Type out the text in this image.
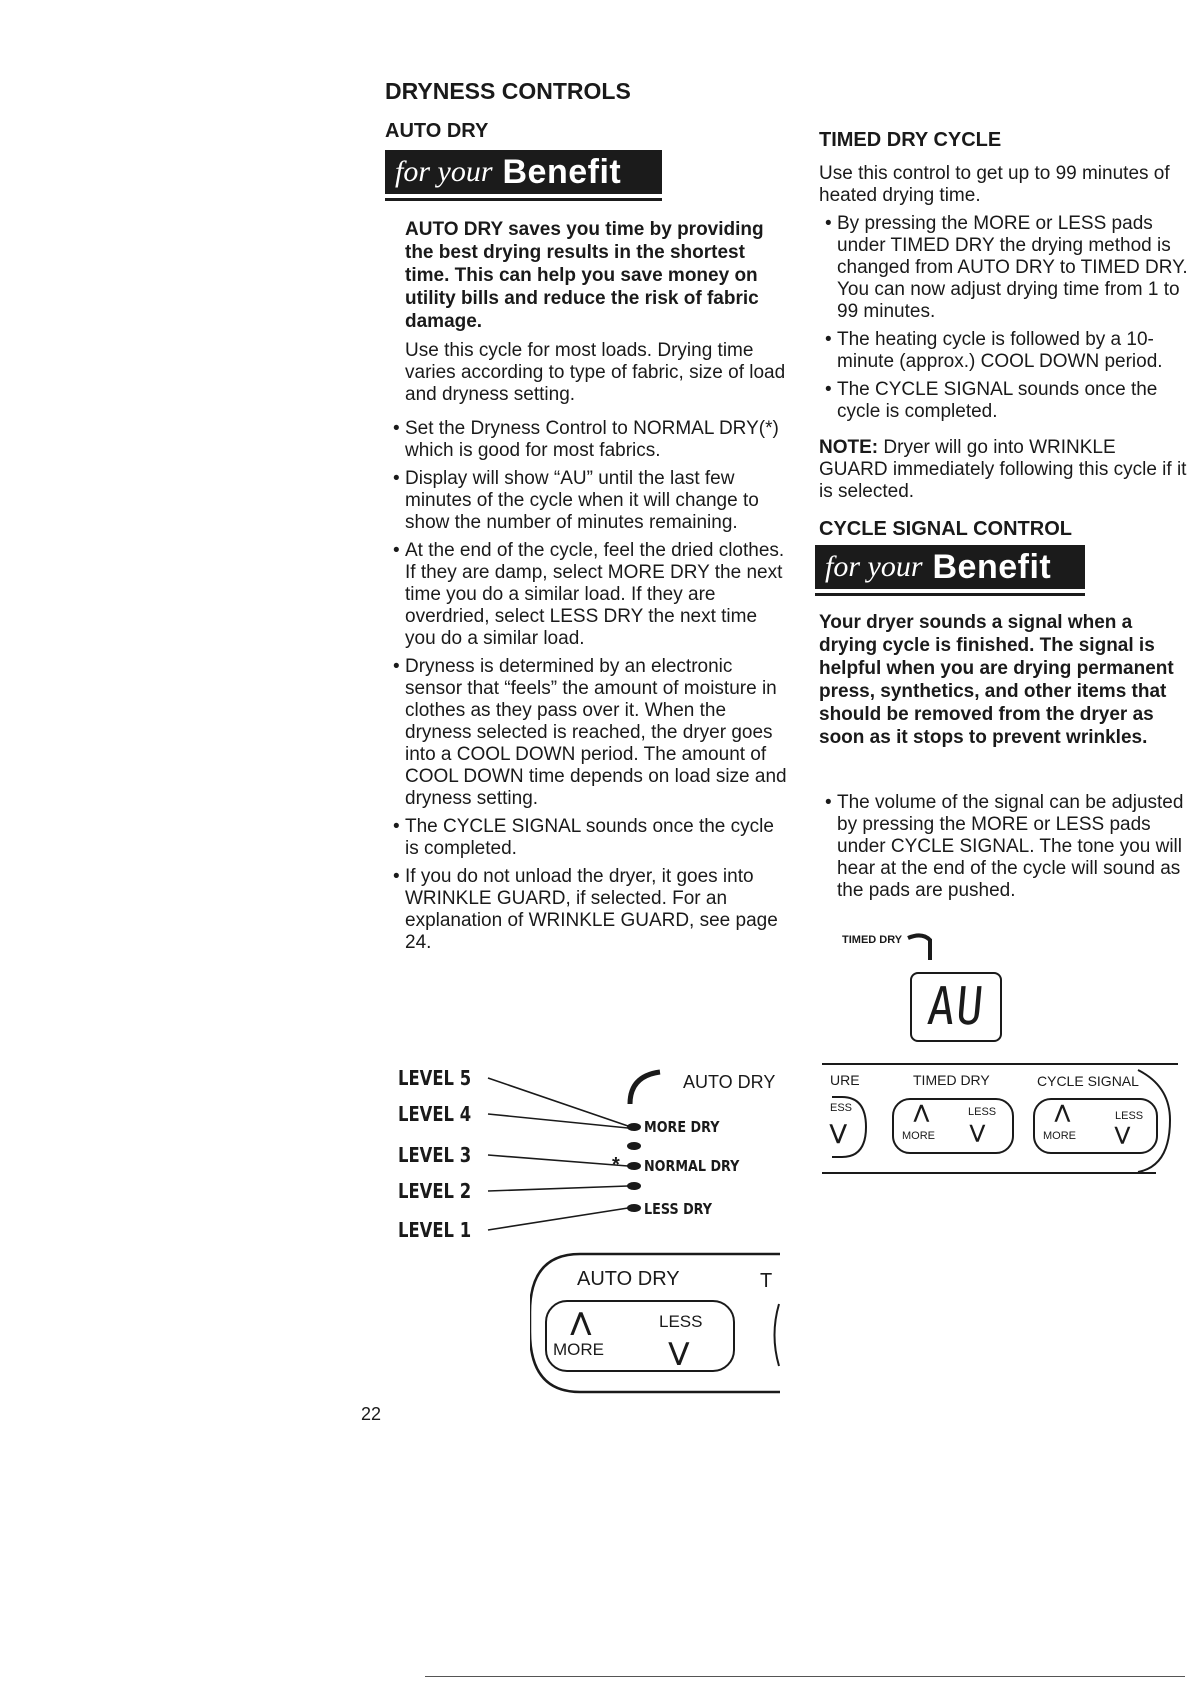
DRYNESS CONTROLS
AUTO DRY
for your Benefit
AUTO DRY saves you time by providing the best drying results in the shortest time. This can help you save money on utility bills and reduce the risk of fabric damage.

Use this cycle for most loads. Drying time varies according to type of fabric, size of load and dryness setting.

• Set the Dryness Control to NORMAL DRY(*) which is good for most fabrics.
• Display will show “AU” until the last few minutes of the cycle when it will change to show the number of minutes remaining.
• At the end of the cycle, feel the dried clothes. If they are damp, select MORE DRY the next time you do a similar load. If they are overdried, select LESS DRY the next time you do a similar load.
• Dryness is determined by an electronic sensor that “feels” the amount of moisture in clothes as they pass over it. When the dryness selected is reached, the dryer goes into a COOL DOWN period. The amount of COOL DOWN time depends on load size and dryness setting.
• The CYCLE SIGNAL sounds once the cycle is completed.
• If you do not unload the dryer, it goes into WRINKLE GUARD, if selected. For an explanation of WRINKLE GUARD, see page 24.
LEVEL 5
LEVEL 4
LEVEL 3
LEVEL 2
LEVEL 1
*
AUTO DRY
MORE DRY
NORMAL DRY
LESS DRY
AUTO DRY	T
⋀
MORE
LESS
⋁
22
TIMED DRY CYCLE

Use this control to get up to 99 minutes of heated drying time.

• By pressing the MORE or LESS pads under TIMED DRY the drying method is changed from AUTO DRY to TIMED DRY. You can now adjust drying time from 1 to 99 minutes.
• The heating cycle is followed by a 10-minute (approx.) COOL DOWN period.
• The CYCLE SIGNAL sounds once the cycle is completed.

NOTE: Dryer will go into WRINKLE GUARD immediately following this cycle if it is selected.

CYCLE SIGNAL CONTROL
for your Benefit
Your dryer sounds a signal when a drying cycle is finished. The signal is helpful when you are drying permanent press, synthetics, and other items that should be removed from the dryer as soon as it stops to prevent wrinkles.
• The volume of the signal can be adjusted by pressing the MORE or LESS pads under CYCLE SIGNAL. The tone you will hear at the end of the cycle will sound as the pads are pushed.
TIMED DRY
AU
URE	TIMED DRY	CYCLE SIGNAL
ESS
⋁
⋀
MORE
LESS
⋁
⋀
MORE
LESS
⋁
